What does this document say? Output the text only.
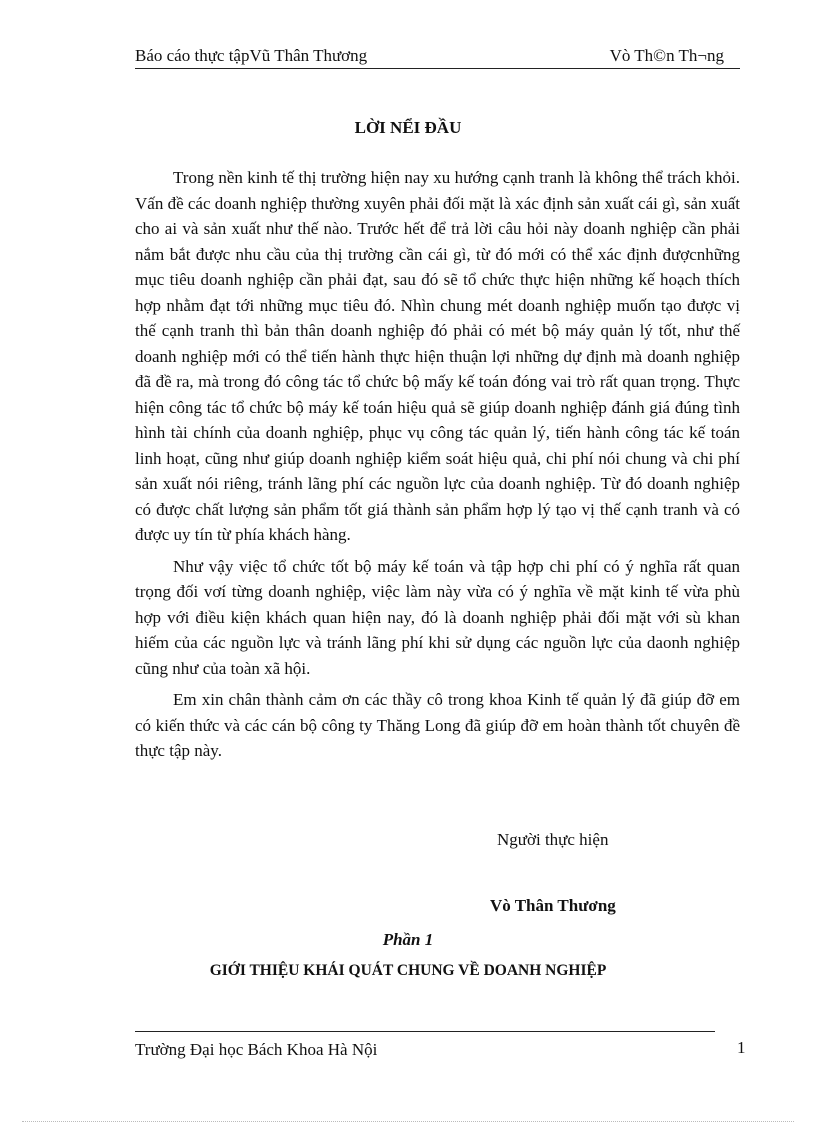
Báo cáo thực tậpVũ Thân Thương	Vò Th©n Th¬ng
LỜI NỂI ĐẦU

Trong nền kinh tế thị trường hiện nay xu hướng cạnh tranh là không thể trách khỏi. Vấn đề các doanh nghiệp thường xuyên phải đối mặt là xác định sản xuất cái gì, sản xuất cho ai và sản xuất như thế nào. Trước hết để trả lời câu hỏi này doanh nghiệp cần phải nắm bắt được nhu cầu của thị trường cần cái gì, từ đó mới có thể xác định đượcnhững mục tiêu doanh nghiệp cần phải đạt, sau đó sẽ tổ chức thực hiện những kế hoạch thích hợp nhằm đạt tới những mục tiêu đó. Nhìn chung mét doanh nghiệp muốn tạo được vị thế cạnh tranh thì bản thân doanh nghiệp đó phải có mét bộ máy quản lý tốt, như thế doanh nghiệp mới có thể tiến hành thực hiện thuận lợi những dự định mà doanh nghiệp đã đề ra, mà trong đó công tác tổ chức bộ mấy kế toán đóng vai trò rất quan trọng. Thực hiện công tác tổ chức bộ máy kế toán hiệu quả sẽ giúp doanh nghiệp đánh giá đúng tình hình tài chính của doanh nghiệp, phục vụ công tác quản lý, tiến hành công tác kế toán linh hoạt, cũng như giúp doanh nghiệp kiểm soát hiệu quả, chi phí nói chung và chi phí sản xuất nói riêng, tránh lãng phí các nguồn lực của doanh nghiệp. Từ đó doanh nghiệp có được chất lượng sản phẩm tốt giá thành sản phẩm hợp lý tạo vị thế cạnh tranh và có được uy tín từ phía khách hàng.

Như vậy việc tổ chức tốt bộ máy kế toán và tập hợp chi phí có ý nghĩa rất quan trọng đối vơí từng doanh nghiệp, việc làm này vừa có ý nghĩa về mặt kinh tế vừa phù hợp với điều kiện khách quan hiện nay, đó là doanh nghiệp phải đối mặt với sù khan hiếm của các nguồn lực và tránh lãng phí khi sử dụng các nguồn lực của daonh nghiệp cũng như của toàn xã hội.

Em xin chân thành cảm ơn các thầy cô trong khoa Kinh tế quản lý đã giúp đỡ em có kiến thức và các cán bộ công ty Thăng Long đã giúp đỡ em hoàn thành tốt chuyên đề thực tập này.

Người thực hiện
Vò Thân Thương
Phần 1
GIỚI THIỆU KHÁI QUÁT CHUNG VỀ DOANH NGHIỆP
Trường Đại học Bách Khoa Hà Nội	1
